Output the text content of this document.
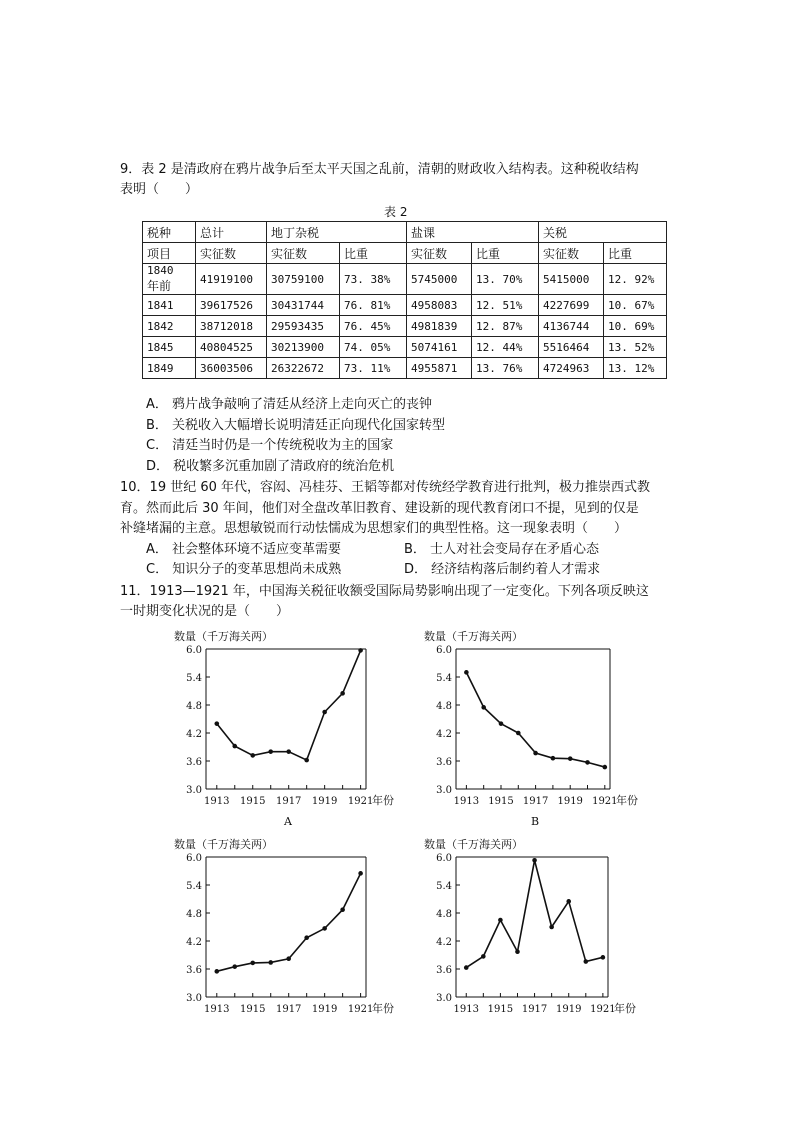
9．表 2 是清政府在鸦片战争后至太平天国之乱前，清朝的财政收入结构表。这种税收结构
表明（　　）
表 2
税种	总计	地丁杂税		盐课		关税	
项目	实征数	实征数	比重	实征数	比重	实征数	比重
1840
年前	41919100	30759100	73. 38%	5745000	13. 70%	5415000	12. 92%
1841	39617526	30431744	76. 81%	4958083	12. 51%	4227699	10. 67%
1842	38712018	29593435	76. 45%	4981839	12. 87%	4136744	10. 69%
1845	40804525	30213900	74. 05%	5074161	12. 44%	5516464	13. 52%
1849	36003506	26322672	73. 11%	4955871	13. 76%	4724963	13. 12%
A． 鸦片战争敲响了清廷从经济上走向灭亡的丧钟
B． 关税收入大幅增长说明清廷正向现代化国家转型
C． 清廷当时仍是一个传统税收为主的国家
D． 税收繁多沉重加剧了清政府的统治危机
10．19 世纪 60 年代，容闳、冯桂芬、王韬等都对传统经学教育进行批判，极力推崇西式教
育。然而此后 30 年间，他们对全盘改革旧教育、建设新的现代教育闭口不提，见到的仅是
补缝堵漏的主意。思想敏锐而行动怯懦成为思想家们的典型性格。这一现象表明（　　）
A． 社会整体环境不适应变革需要	B． 士人对社会变局存在矛盾心态
C． 知识分子的变革思想尚未成熟	D． 经济结构落后制约着人才需求
11．1913—1921 年，中国海关税征收额受国际局势影响出现了一定变化。下列各项反映这
一时期变化状况的是（　　）
数量（千万海关两）
3.0
3.6
4.2
4.8
5.4
6.0
1913 1915 1917 1919 1921
年份
A
数量（千万海关两）
3.0
3.6
4.2
4.8
5.4
6.0
1913 1915 1917 1919 1921
年份
B
数量（千万海关两）
3.0
3.6
4.2
4.8
5.4
6.0
1913 1915 1917 1919 1921
年份
数量（千万海关两）
3.0
3.6
4.2
4.8
5.4
6.0
1913 1915 1917 1919 1921
年份
